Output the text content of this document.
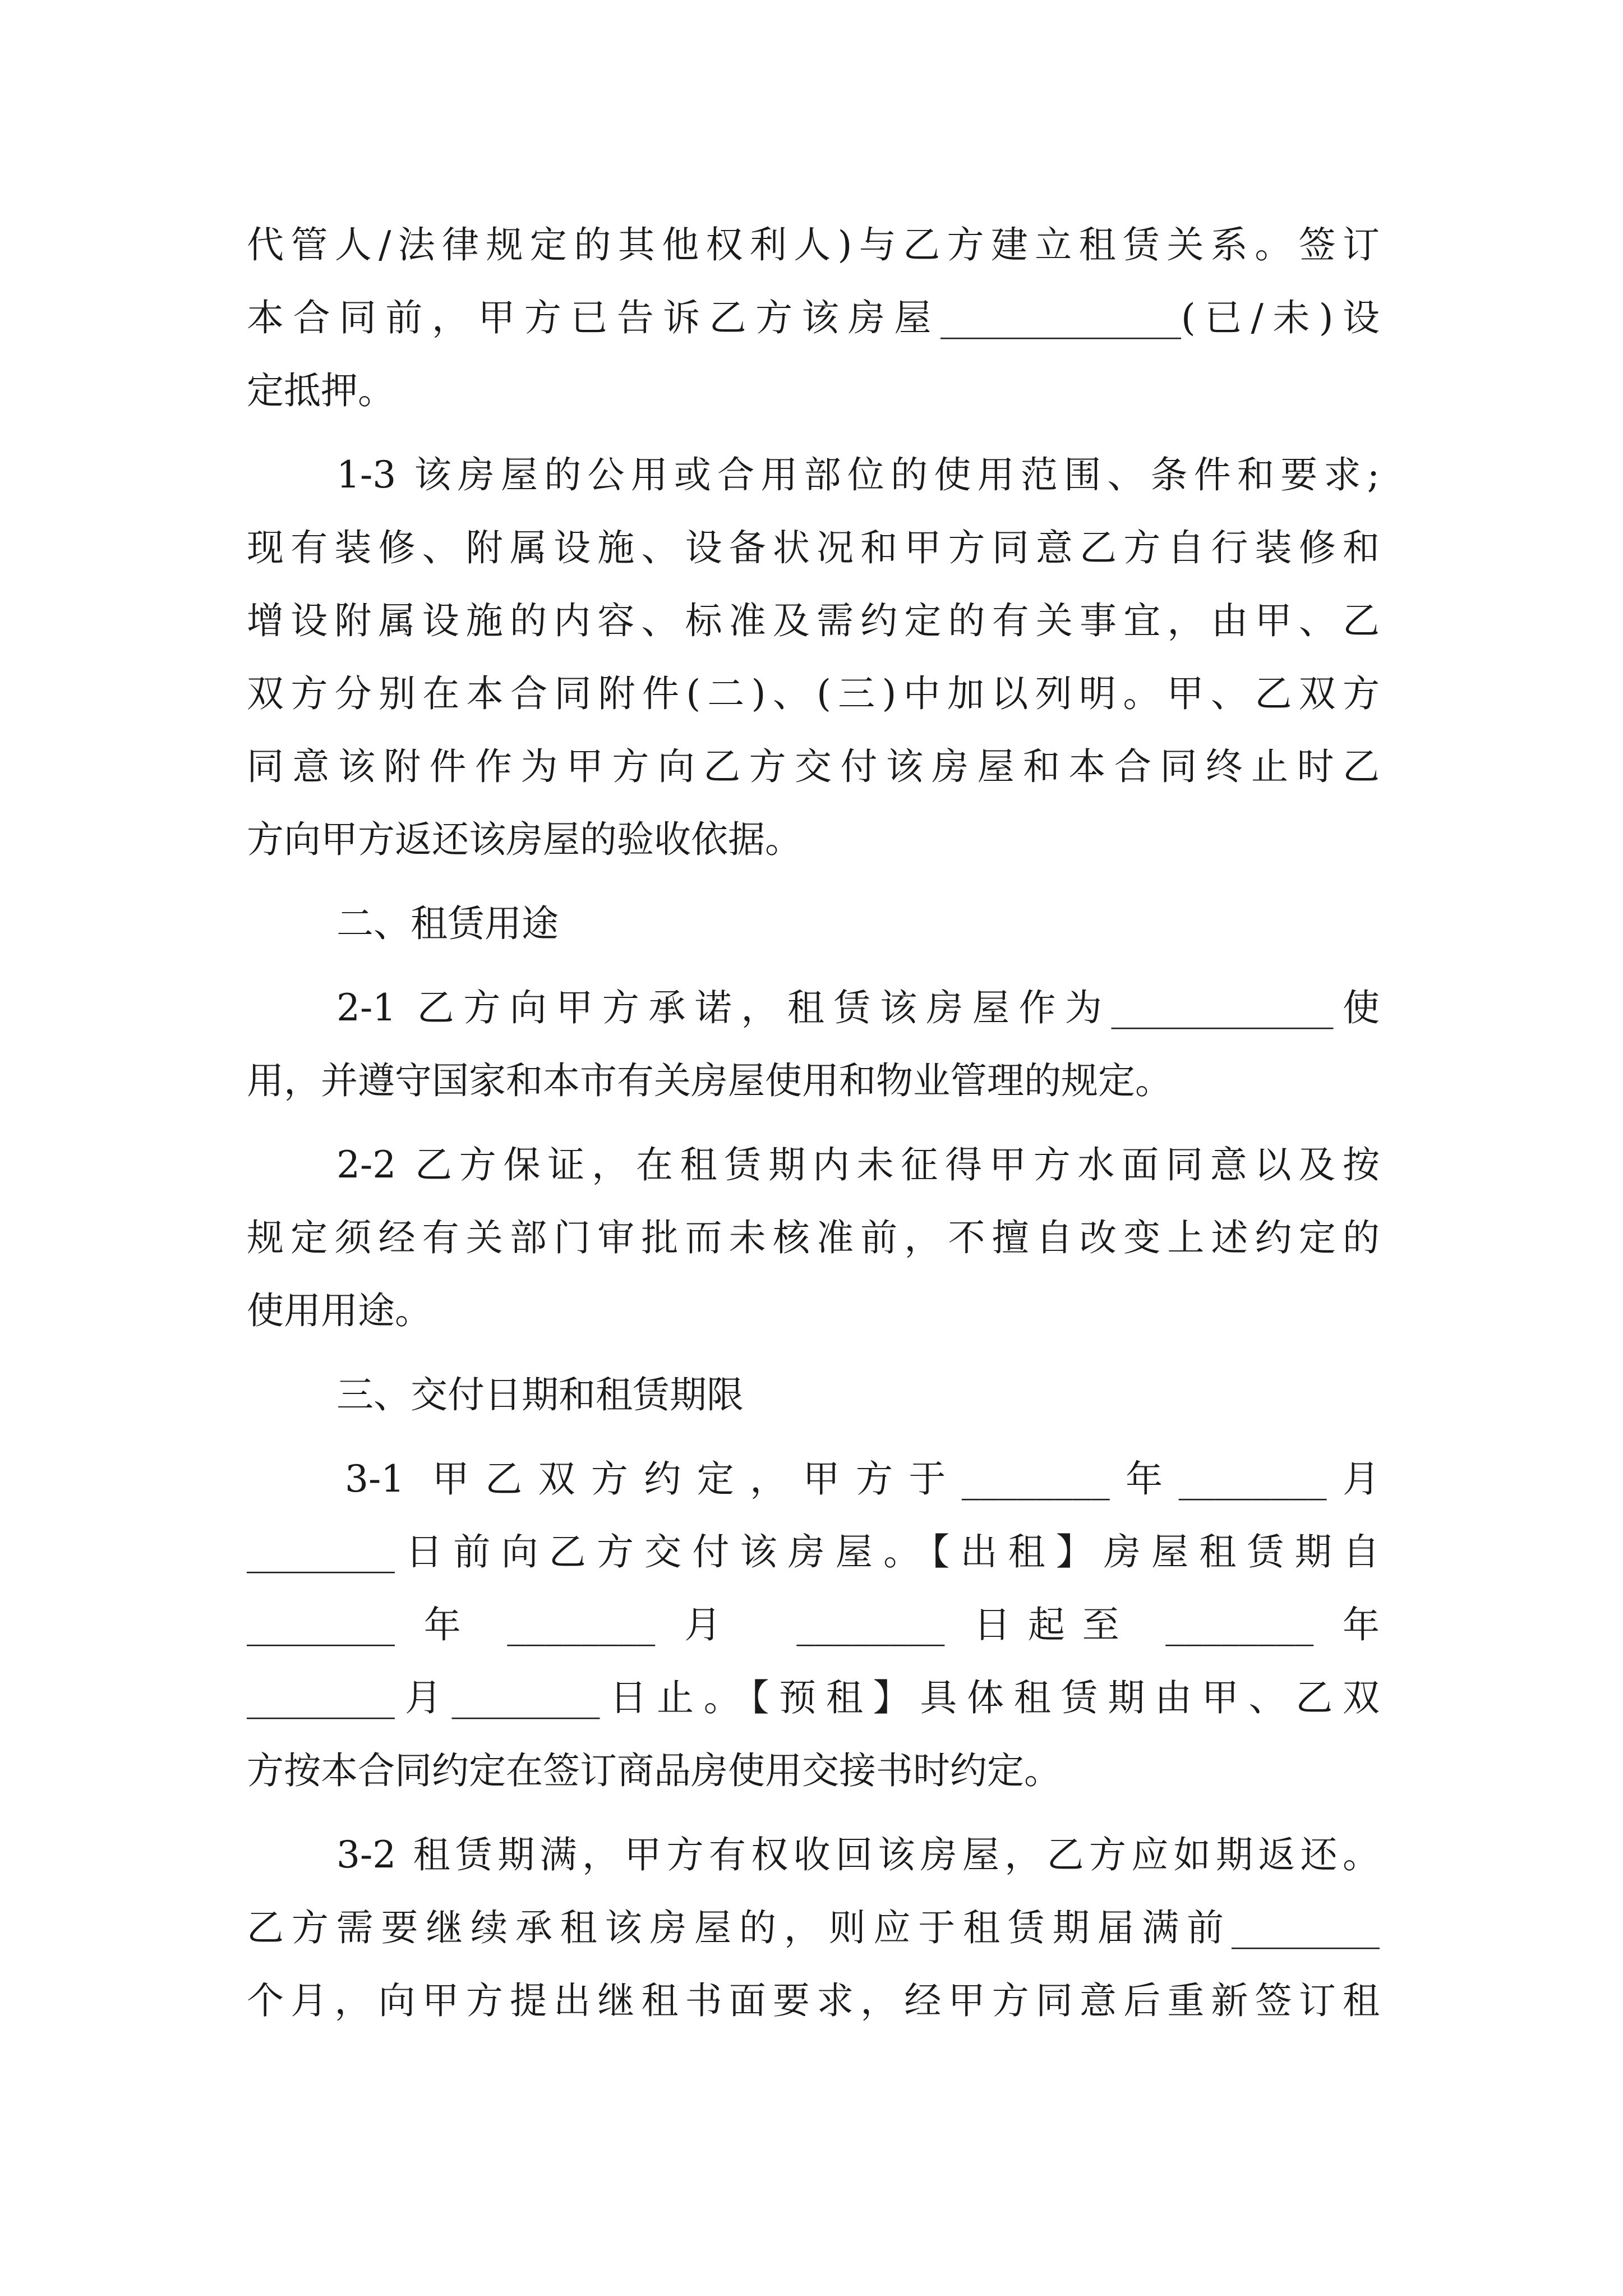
代管人/法律规定的其他权利人)与乙方建立租赁关系。签订
本合同前，甲方已告诉乙方该房屋_____________(已/未)设
定抵押。
1-3 该房屋的公用或合用部位的使用范围、条件和要求;
现有装修、附属设施、设备状况和甲方同意乙方自行装修和
增设附属设施的内容、标准及需约定的有关事宜，由甲、乙
双方分别在本合同附件(二)、(三)中加以列明。甲、乙双方
同意该附件作为甲方向乙方交付该房屋和本合同终止时乙
方向甲方返还该房屋的验收依据。
二、租赁用途
2-1 乙方向甲方承诺，租赁该房屋作为____________使
用，并遵守国家和本市有关房屋使用和物业管理的规定。
2-2 乙方保证，在租赁期内未征得甲方水面同意以及按
规定须经有关部门审批而未核准前，不擅自改变上述约定的
使用用途。
三、交付日期和租赁期限
3-1 甲乙双方约定，甲方于________年________月
________日前向乙方交付该房屋。【出租】房屋租赁期自
________ 年 ________ 月  ________ 日起至 ________ 年
________月________日止。【预租】具体租赁期由甲、乙双
方按本合同约定在签订商品房使用交接书时约定。
3-2 租赁期满，甲方有权收回该房屋，乙方应如期返还。
乙方需要继续承租该房屋的，则应于租赁期届满前________
个月，向甲方提出继租书面要求，经甲方同意后重新签订租
